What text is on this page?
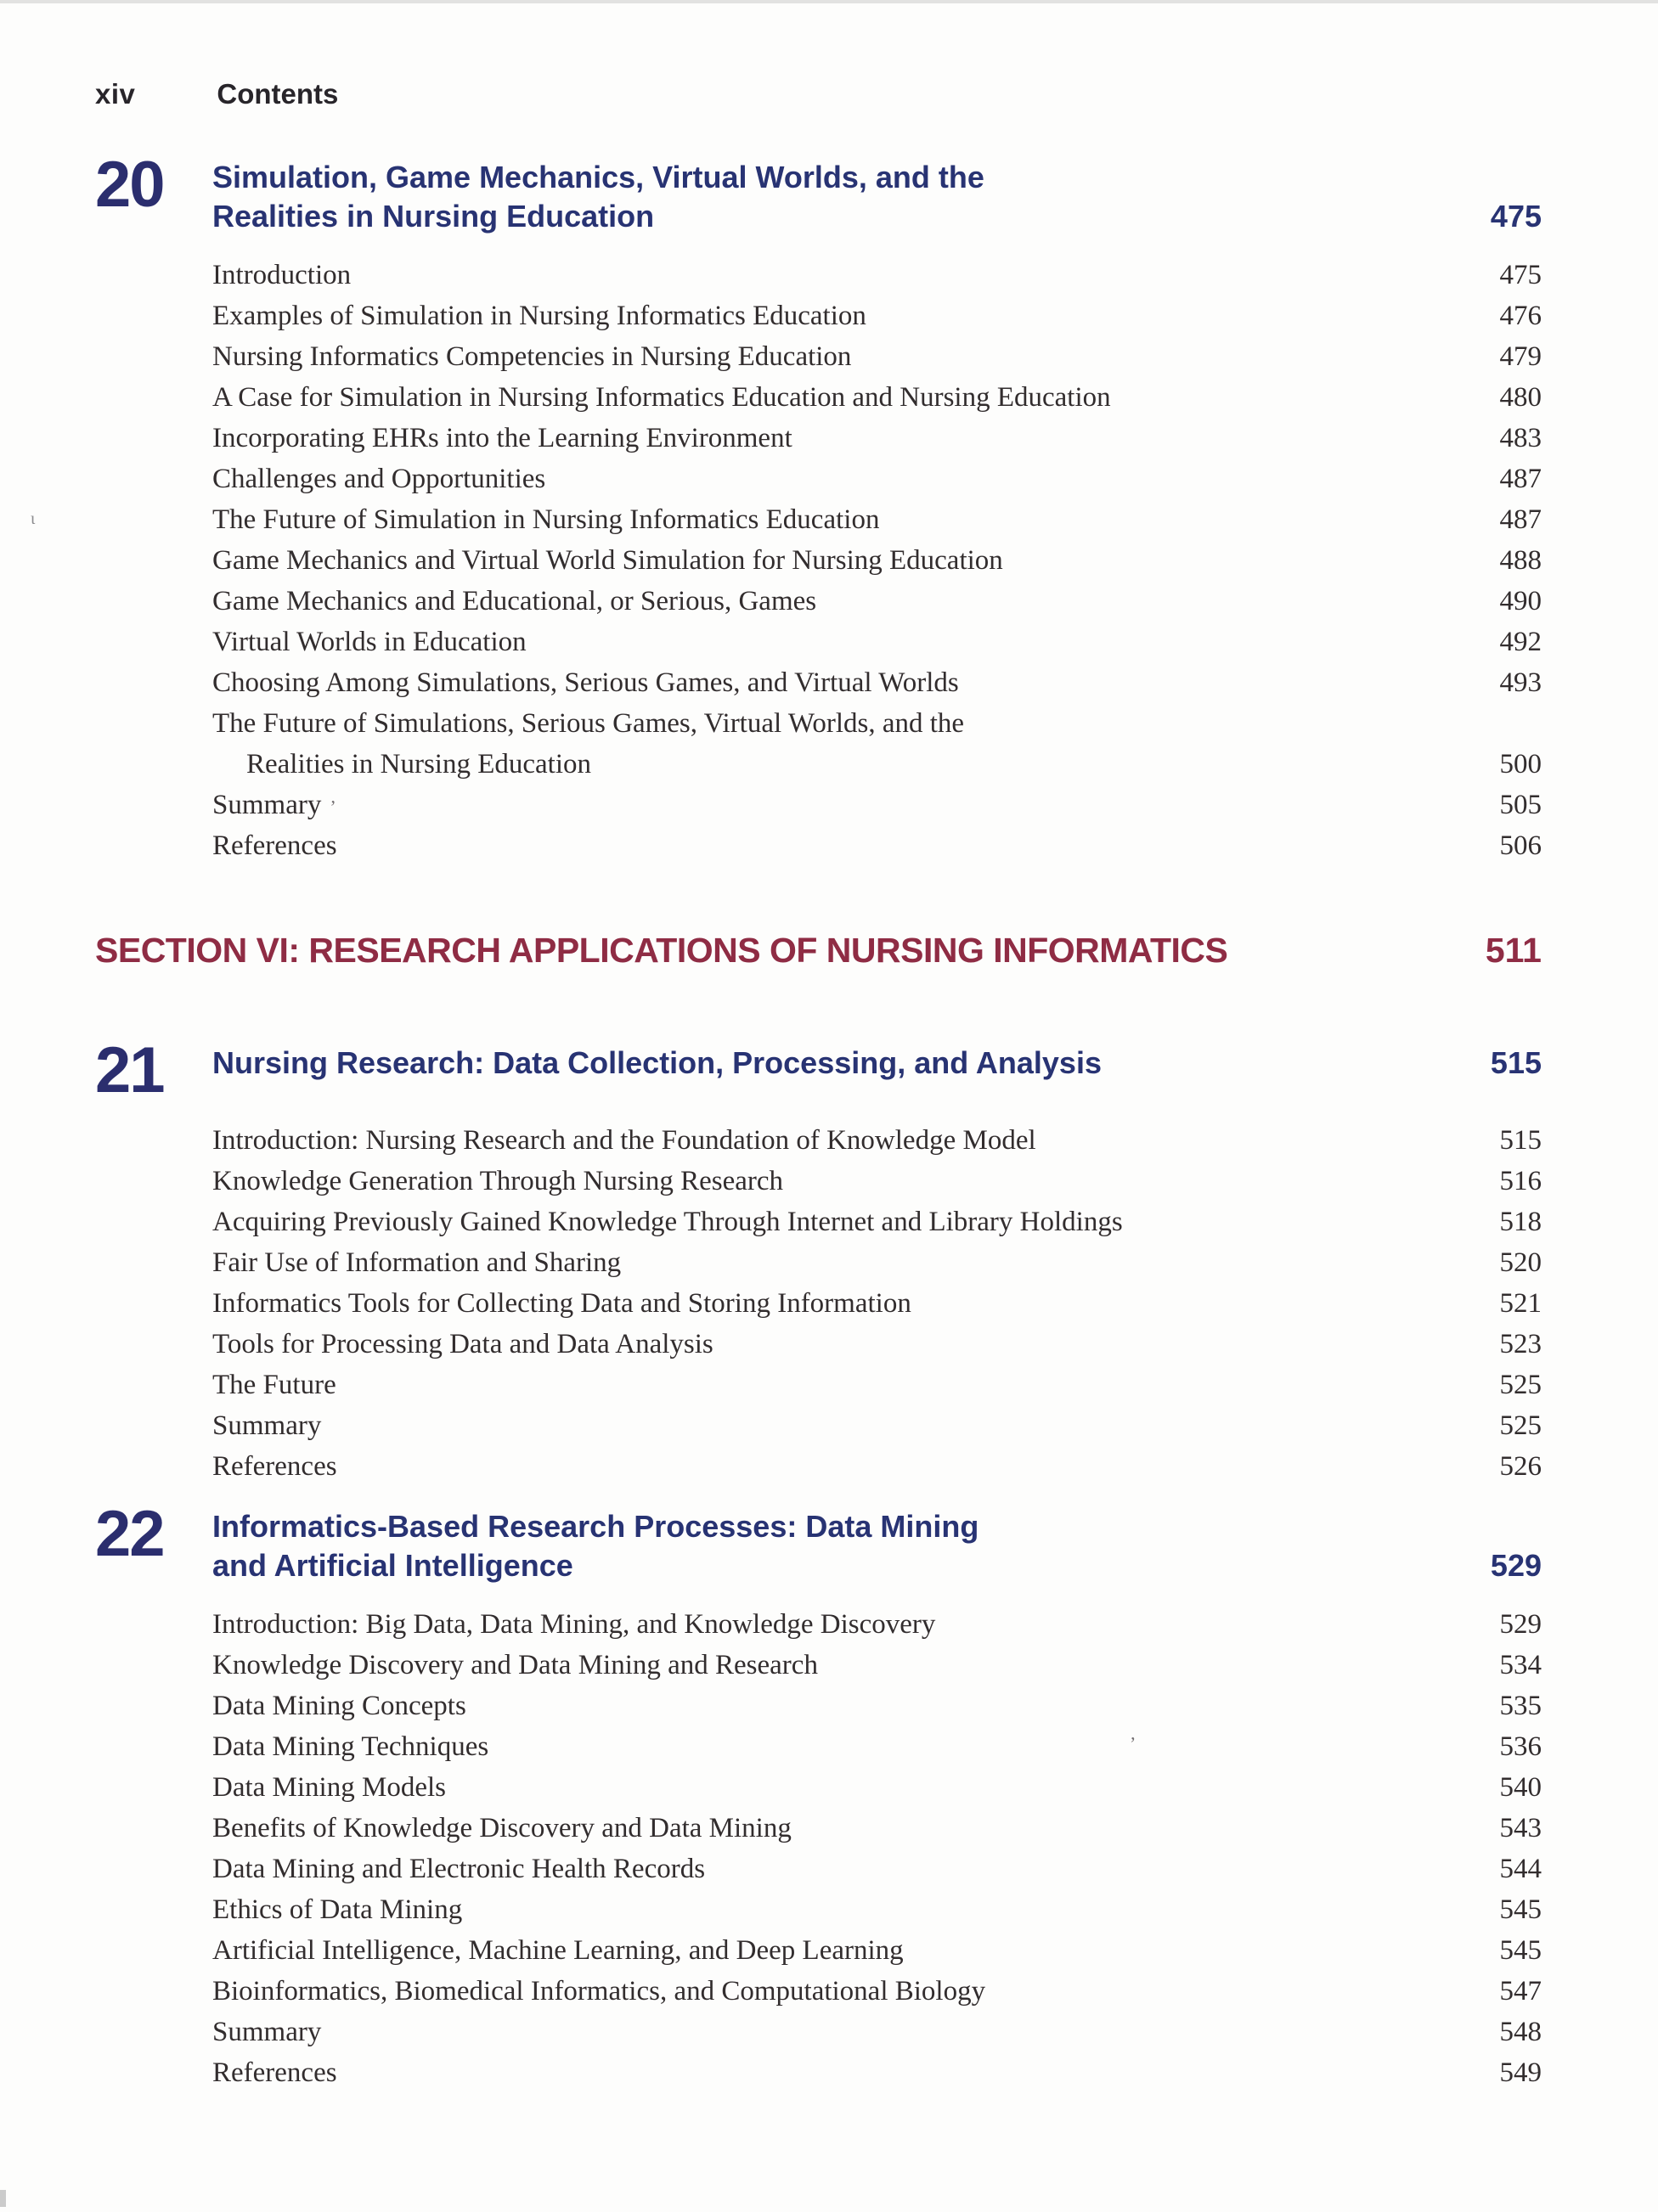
ι
xiv	Contents
20	Simulation, Game Mechanics, Virtual Worlds, and the
Realities in Nursing Education	475
Introduction	475
Examples of Simulation in Nursing Informatics Education	476
Nursing Informatics Competencies in Nursing Education	479
A Case for Simulation in Nursing Informatics Education and Nursing Education	480
Incorporating EHRs into the Learning Environment	483
Challenges and Opportunities	487
The Future of Simulation in Nursing Informatics Education	487
Game Mechanics and Virtual World Simulation for Nursing Education	488
Game Mechanics and Educational, or Serious, Games	490
Virtual Worlds in Education	492
Choosing Among Simulations, Serious Games, and Virtual Worlds	493
The Future of Simulations, Serious Games, Virtual Worlds, and the
Realities in Nursing Education	500
Summary ʼ	505
References	506
SECTION VI: RESEARCH APPLICATIONS OF NURSING INFORMATICS	511
21	Nursing Research: Data Collection, Processing, and Analysis	515
Introduction: Nursing Research and the Foundation of Knowledge Model	515
Knowledge Generation Through Nursing Research	516
Acquiring Previously Gained Knowledge Through Internet and Library Holdings	518
Fair Use of Information and Sharing	520
Informatics Tools for Collecting Data and Storing Information	521
Tools for Processing Data and Data Analysis	523
The Future	525
Summary	525
References	526
22	Informatics-Based Research Processes: Data Mining
and Artificial Intelligence	529
Introduction: Big Data, Data Mining, and Knowledge Discovery	529
Knowledge Discovery and Data Mining and Research	534
Data Mining Concepts	535
Data Mining Techniques	ʼ	536
Data Mining Models	540
Benefits of Knowledge Discovery and Data Mining	543
Data Mining and Electronic Health Records	544
Ethics of Data Mining	545
Artificial Intelligence, Machine Learning, and Deep Learning	545
Bioinformatics, Biomedical Informatics, and Computational Biology	547
Summary	548
References	549
